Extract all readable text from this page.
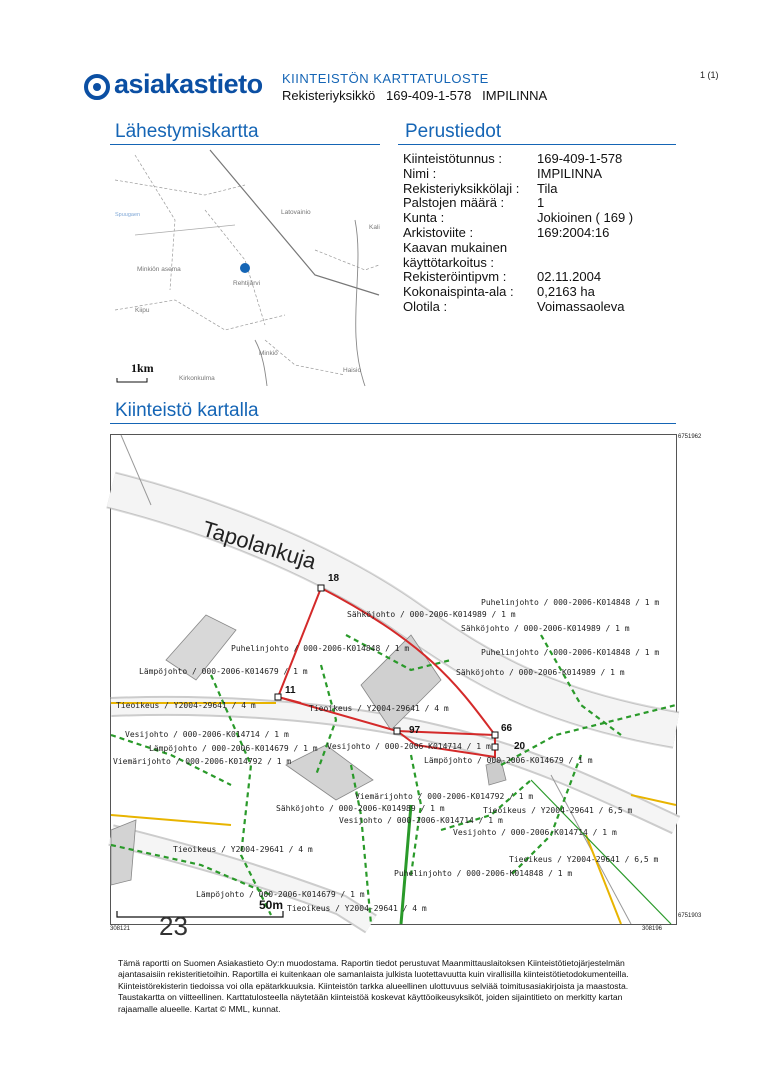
asiakastieto KIINTEISTÖN KARTTATULOSTE
Rekisteriyksikkö   169-409-1-578   IMPILINNA
1 (1)
Lähestymiskartta	Perustiedot
Kiinteistö kartalla
Latovainio
Kali
Minkiön asema
Rehtijärvi
Kiipu
Minkiö
Kirkonkulma
Haisio
Spuugaen
1km
Kiinteistötunnus :	169-409-1-578
Nimi :	IMPILINNA
Rekisteriyksikkölaji :	Tila
Palstojen määrä :	1
Kunta :	Jokioinen ( 169 )
Arkistoviite :	169:2004:16
Kaavan mukainen
käyttötarkoitus :
Rekisteröintipvm :	02.11.2004
Kokonaispinta-ala :	0,2163 ha
Olotila :	Voimassaoleva
Tapolankuja
18
11
97	66
20
Puhelinjohto / 000-2006-K014848 / 1 m
Sähköjohto / 000-2006-K014989 / 1 m
Sähköjohto / 000-2006-K014989 / 1 m
Puhelinjohto / 000-2006-K014848 / 1 m
Puhelinjohto / 000-2006-K014848 / 1 m
Sähköjohto / 000-2006-K014989 / 1 m
Lämpöjohto / 000-2006-K014679 / 1 m
Tieoikeus / Y2004-29641 / 4 m	Tieoikeus / Y2004-29641 / 4 m
Vesijohto / 000-2006-K014714 / 1 m
Lämpöjohto / 000-2006-K014679 / 1 m Vesijohto / 000-2006-K014714 / 1 m
Viemärijohto / 000-2006-K014792 / 1 m	Lämpöjohto / 000-2006-K014679 / 1 m
Viemärijohto / 000-2006-K014792 / 1 m
Sähköjohto / 000-2006-K014989 / 1 m	Tieoikeus / Y2004-29641 / 6,5 m
Vesijohto / 000-2006-K014714 / 1 m
Vesijohto / 000-2006-K014714 / 1 m
Tieoikeus / Y2004-29641 / 4 m
Tieoikeus / Y2004-29641 / 6,5 m
Puhelinjohto / 000-2006-K014848 / 1 m
Lämpöjohto / 000-2006-K014679 / 1 m
Tieoikeus / Y2004-29641 / 4 m
50m
23
6751962
6751903
308121	308196

Tämä raportti on Suomen Asiakastieto Oy:n muodostama. Raportin tiedot perustuvat Maanmittauslaitoksen Kiinteistötietojärjestelmän ajantasaisiin rekisteritietoihin. Raportilla ei kuitenkaan ole samanlaista julkista luotettavuutta kuin virallisilla kiinteistötietodokumenteilla. Kiinteistörekisterin tiedoissa voi olla epätarkkuuksia. Kiinteistön tarkka alueellinen ulottuvuus selviää toimitusasiakirjoista ja maastosta. Taustakartta on viitteellinen. Karttatulosteella näytetään kiinteistöä koskevat käyttöoikeusyksiköt, joiden sijaintitieto on merkitty kartan rajaamalle alueelle. Kartat © MML, kunnat.
